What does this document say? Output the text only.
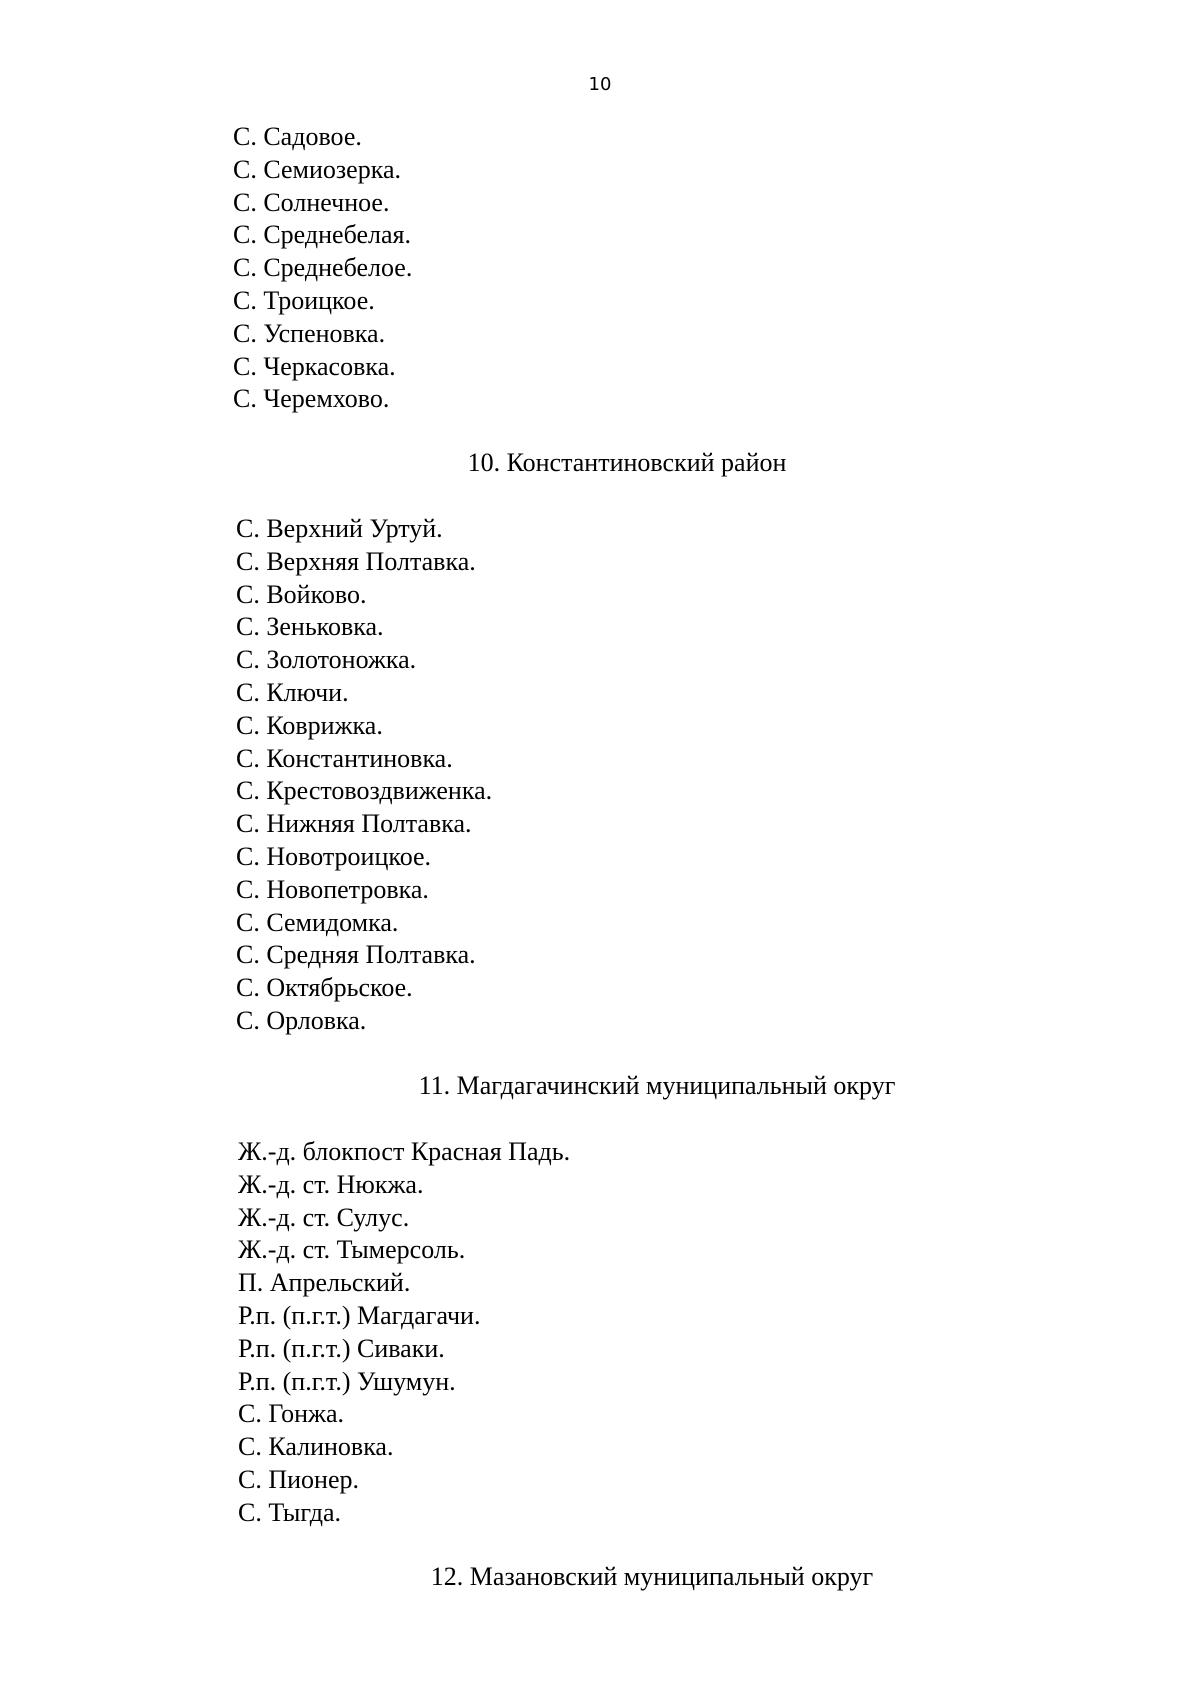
10
С. Садовое.
С. Семиозерка.
С. Солнечное.
С. Среднебелая.
С. Среднебелое.
С. Троицкое.
С. Успеновка.
С. Черкасовка.
С. Черемхово.
10. Константиновский район
С. Верхний Уртуй.
С. Верхняя Полтавка.
С. Войково.
С. Зеньковка.
С. Золотоножка.
С. Ключи.
С. Коврижка.
С. Константиновка.
С. Крестовоздвиженка.
С. Нижняя Полтавка.
С. Новотроицкое.
С. Новопетровка.
С. Семидомка.
С. Средняя Полтавка.
С. Октябрьское.
С. Орловка.
11. Магдагачинский муниципальный округ
Ж.-д. блокпост Красная Падь.
Ж.-д. ст. Нюкжа.
Ж.-д. ст. Сулус.
Ж.-д. ст. Тымерсоль.
П. Апрельский.
Р.п. (п.г.т.) Магдагачи.
Р.п. (п.г.т.) Сиваки.
Р.п. (п.г.т.) Ушумун.
С. Гонжа.
С. Калиновка.
С. Пионер.
С. Тыгда.
12. Мазановский муниципальный округ
